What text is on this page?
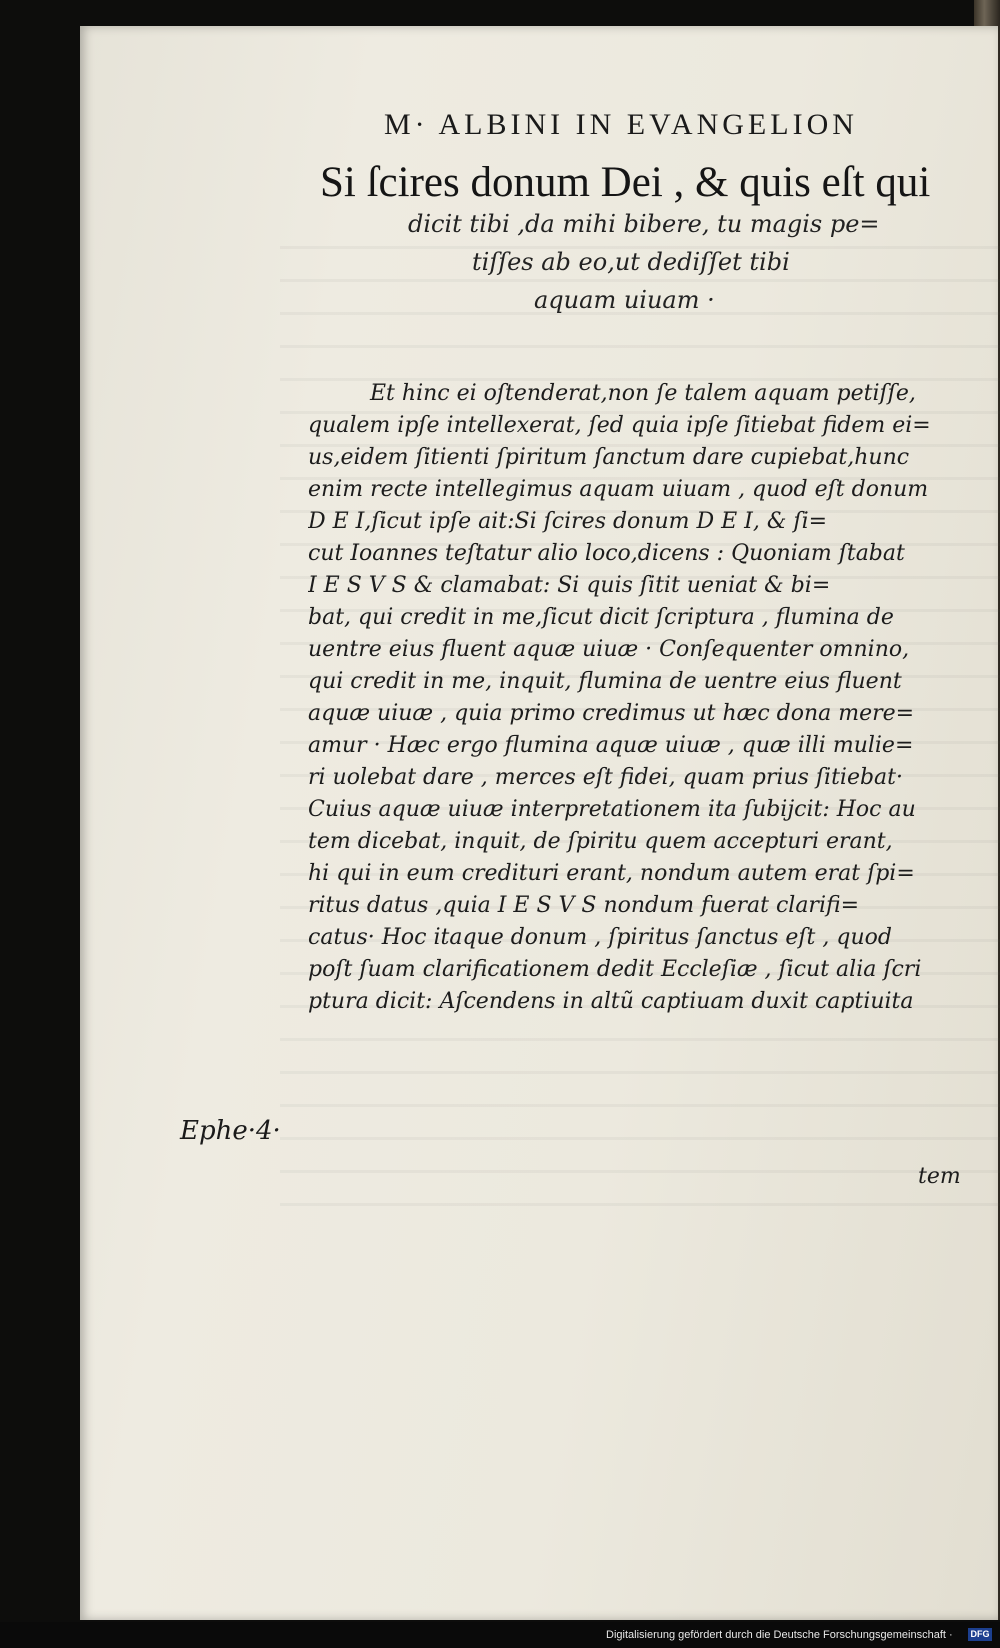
M· ALBINI IN EVANGELION
Si ſcires donum Dei , & quis eſt qui

dicit tibi ,da mihi bibere, tu magis pe=

tiſſes ab eo,ut dediſſet tibi

aquam uiuam ·

Et hinc ei oſtenderat,non ſe talem aquam petiſſe,
qualem ipſe intellexerat, ſed quia ipſe ſitiebat fidem ei=
us,eidem ſitienti ſpiritum ſanctum dare cupiebat,hunc
enim recte intellegimus aquam uiuam , quod eſt donum
D E I,ſicut ipſe ait:Si ſcires donum D E I, & ſi=
cut Ioannes teſtatur alio loco,dicens : Quoniam ſtabat
I E S V S & clamabat: Si quis ſitit ueniat & bi=
bat, qui credit in me,ſicut dicit ſcriptura , flumina de
uentre eius fluent aquæ uiuæ · Conſequenter omnino,
qui credit in me, inquit, flumina de uentre eius fluent
aquæ uiuæ , quia primo credimus ut hæc dona mere=
amur · Hæc ergo flumina aquæ uiuæ , quæ illi mulie=
ri uolebat dare , merces eſt fidei, quam prius ſitiebat·
Cuius aquæ uiuæ interpretationem ita ſubijcit: Hoc au
tem dicebat, inquit, de ſpiritu quem accepturi erant,
hi qui in eum credituri erant, nondum autem erat ſpi=
ritus datus ,quia I E S V S nondum fuerat clarifi=
catus· Hoc itaque donum , ſpiritus ſanctus eſt , quod
poſt ſuam clarificationem dedit Eccleſiæ , ſicut alia ſcri
ptura dicit: Aſcendens in altũ captiuam duxit captiuita
tem
Ephe·4·
Digitalisierung gefördert durch die Deutsche Forschungsgemeinschaft · DFG
